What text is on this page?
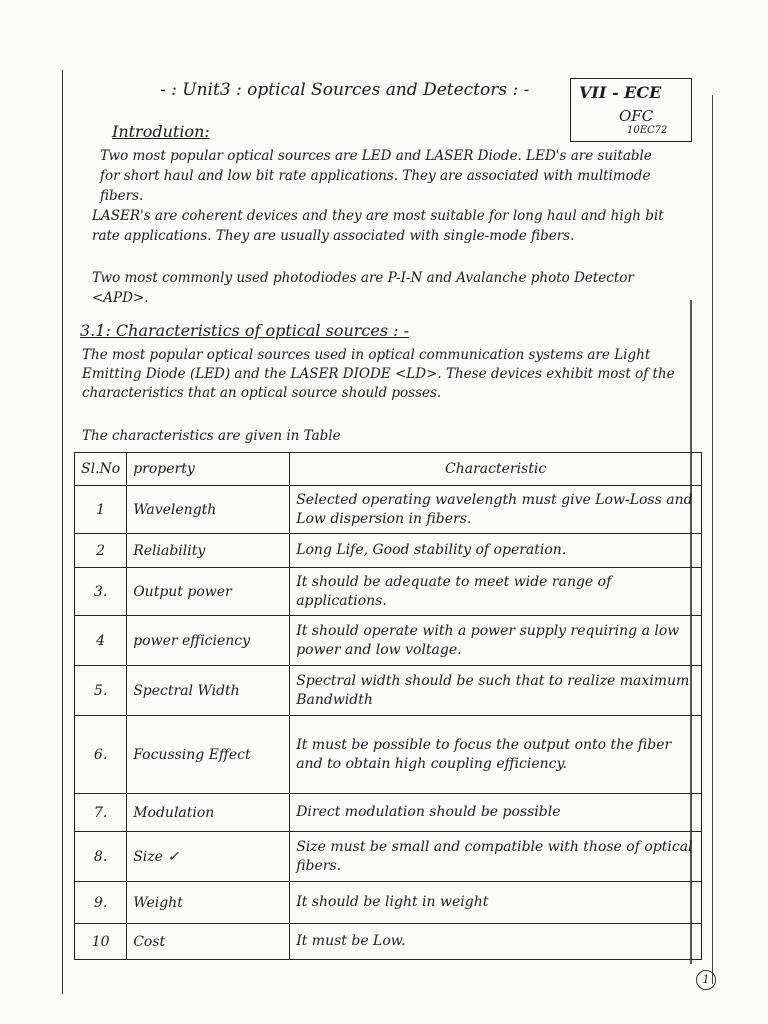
- : Unit3 : optical Sources and Detectors : -	VII - ECE
OFC
10EC72
Introdution:
Two most popular optical sources are LED and LASER Diode. LED's are suitable for short haul and low bit rate applications. They are associated with multimode fibers.
LASER's are coherent devices and they are most suitable for long haul and high bit rate applications. They are usually associated with single-mode fibers.
Two most commonly used photodiodes are P-I-N and Avalanche photo Detector <APD>.
3.1: Characteristics of optical sources : -
The most popular optical sources used in optical communication systems are Light Emitting Diode (LED) and the LASER DIODE <LD>. These devices exhibit most of the characteristics that an optical source should posses.
The characteristics are given in Table
Sl.No	property	Characteristic
1	Wavelength	Selected operating wavelength must give Low-Loss and Low dispersion in fibers.
2	Reliability	Long Life, Good stability of operation.
3.	Output power	It should be adequate to meet wide range of applications.
4	power efficiency	It should operate with a power supply requiring a low power and low voltage.
5.	Spectral Width	Spectral width should be such that to realize maximum Bandwidth
6.	Focussing Effect	It must be possible to focus the output onto the fiber and to obtain high coupling efficiency.
7.	Modulation	Direct modulation should be possible
8.	Size ✓	Size must be small and compatible with those of optical fibers.
9.	Weight	It should be light in weight
10	Cost	It must be Low.
1
